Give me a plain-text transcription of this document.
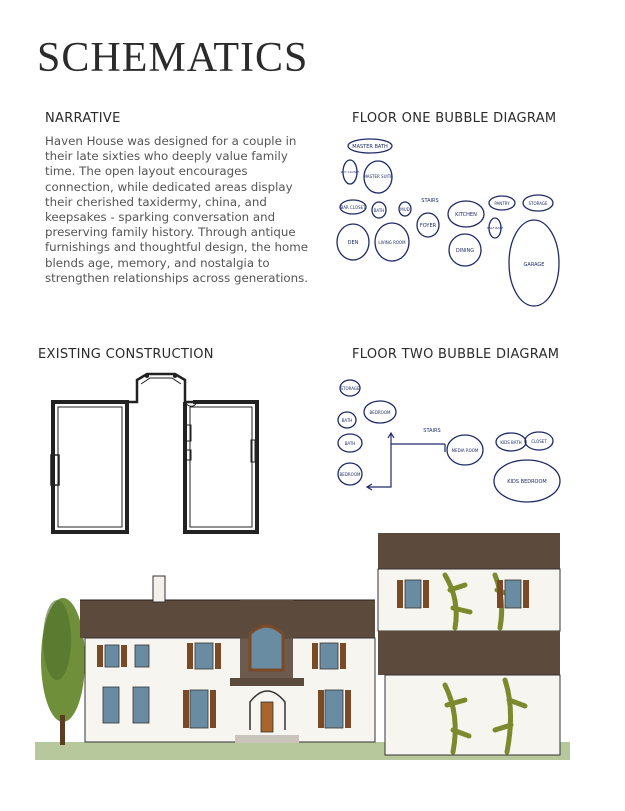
SCHEMATICS
NARRATIVE
Haven House was designed for a couple in their late sixties who deeply value family time. The open layout encourages connection, while dedicated areas display their cherished taxidermy, china, and keepsakes - sparking conversation and preserving family history. Through antique furnishings and thoughtful design, the home blends age, memory, and nostalgia to strengthen relationships across generations.
FLOOR ONE BUBBLE DIAGRAM
EXISTING CONSTRUCTION	FLOOR TWO BUBBLE DIAGRAM
MASTER BATH
W/C CLOSET
MASTER SUITE
BAR CLOSET
BATH	MUD
STAIRS
FOYER
KITCHEN
PANTRY	STORAGE
HALF BATH
DEN	LIVING ROOM
DINING
GARAGE
STORAGE
BATH
BEDROOM
BATH
BEDROOM
STAIRS
MEDIA ROOM
KIDS BATH CLOSET
KIDS BEDROOM
